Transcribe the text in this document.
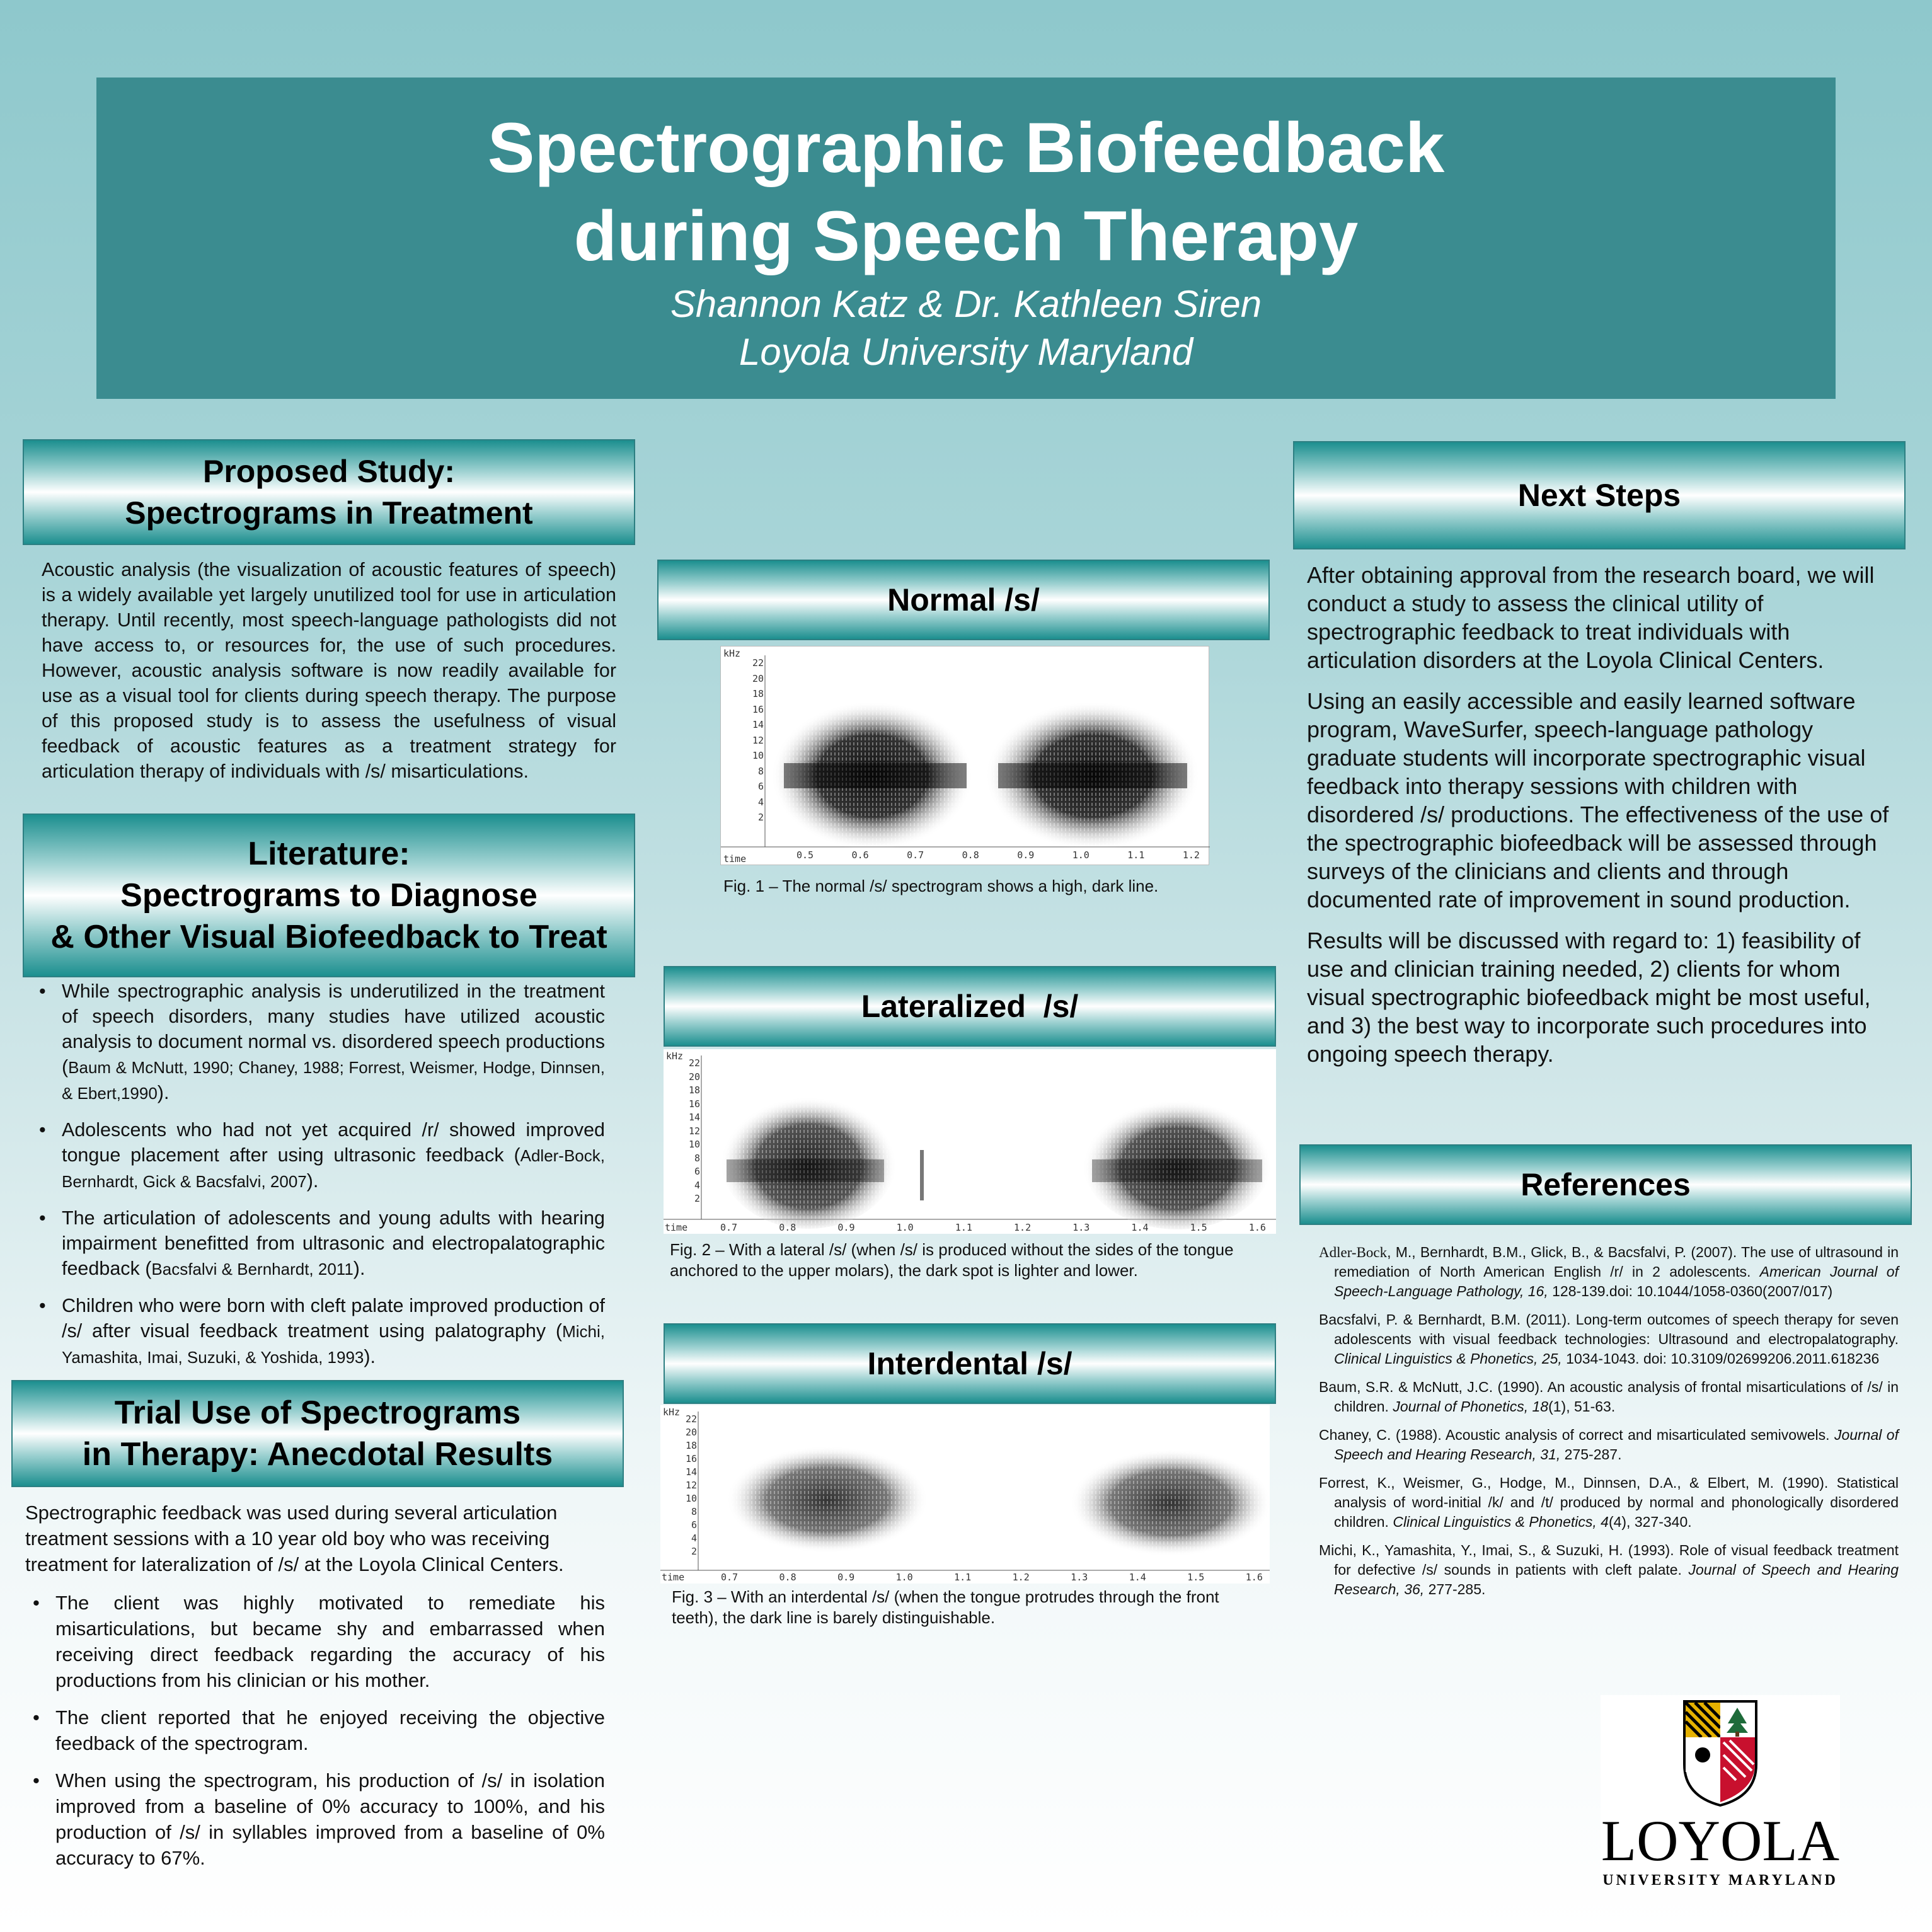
Spectrographic Biofeedback
during Speech Therapy
Shannon Katz & Dr. Kathleen Siren
Loyola University Maryland
Proposed Study:
Spectrograms in Treatment
Acoustic analysis (the visualization of acoustic features of speech) is a widely available yet largely unutilized tool for use in articulation therapy. Until recently, most speech-language pathologists did not have access to, or resources for, the use of such procedures. However, acoustic analysis software is now readily available for use as a visual tool for clients during speech therapy. The purpose of this proposed study is to assess the usefulness of visual feedback of acoustic features as a treatment strategy for articulation therapy of individuals with /s/ misarticulations.
Literature:
Spectrograms to Diagnose
& Other Visual Biofeedback to Treat
• While spectrographic analysis is underutilized in the treatment of speech disorders, many studies have utilized acoustic analysis to document normal vs. disordered speech productions (Baum & McNutt, 1990; Chaney, 1988; Forrest, Weismer, Hodge, Dinnsen, & Ebert,1990).
• Adolescents who had not yet acquired /r/ showed improved tongue placement after using ultrasonic feedback (Adler-Bock, Bernhardt, Gick & Bacsfalvi, 2007).
• The articulation of adolescents and young adults with hearing impairment benefitted from ultrasonic and electropalatographic feedback (Bacsfalvi & Bernhardt, 2011).
• Children who were born with cleft palate improved production of /s/ after visual feedback treatment using palatography (Michi, Yamashita, Imai, Suzuki, & Yoshida, 1993).
Trial Use of Spectrograms
in Therapy: Anecdotal Results

Spectrographic feedback was used during several articulation treatment sessions with a 10 year old boy who was receiving treatment for lateralization of /s/ at the Loyola Clinical Centers.

• The client was highly motivated to remediate his misarticulations, but became shy and embarrassed when receiving direct feedback regarding the accuracy of his productions from his clinician or his mother.
• The client reported that he enjoyed receiving the objective feedback of the spectrogram.
• When using the spectrogram, his production of /s/ in isolation improved from a baseline of 0% accuracy to 100%, and his production of /s/ in syllables improved from a baseline of 0% accuracy to 67%.
Normal /s/
kHz
time
22
20
18
16
14
12
10
8
6
4
2
0.5	0.6	0.7	0.8	0.9	1.0	1.1	1.2
Fig. 1 – The normal /s/ spectrogram shows a high, dark line.
Lateralized  /s/
kHz
time
22
20
18
16
14
12
10
8
6
4
2
0.7	0.8	0.9	1.0	1.1	1.2	1.3	1.4	1.5	1.6
Fig. 2 – With a lateral /s/ (when /s/ is produced without the sides of the tongue anchored to the upper molars), the dark spot is lighter and lower.
Interdental /s/
kHz
time
22
20
18
16
14
12
10
8
6
4
2
0.7	0.8	0.9	1.0	1.1	1.2	1.3	1.4	1.5	1.6
Fig. 3 – With an interdental /s/ (when the tongue protrudes through the front teeth), the dark line is barely distinguishable.
Next Steps

After obtaining approval from the research board, we will conduct a study to assess the clinical utility of spectrographic feedback to treat individuals with articulation disorders at the Loyola Clinical Centers.

Using an easily accessible and easily learned software program, WaveSurfer, speech-language pathology graduate students will incorporate spectrographic visual feedback into therapy sessions with children with disordered /s/ productions. The effectiveness of the use of the spectrographic biofeedback will be assessed through surveys of the clinicians and clients and through documented rate of improvement in sound production.

Results will be discussed with regard to: 1) feasibility of use and clinician training needed, 2) clients for whom visual spectrographic biofeedback might be most useful, and 3) the best way to incorporate such procedures into ongoing speech therapy.

References

Adler-Bock, M., Bernhardt, B.M., Glick, B., & Bacsfalvi, P. (2007). The use of ultrasound in remediation of North American English /r/ in 2 adolescents. American Journal of Speech-Language Pathology, 16, 128-139.doi: 10.1044/1058-0360(2007/017)

Bacsfalvi, P. & Bernhardt, B.M. (2011). Long-term outcomes of speech therapy for seven adolescents with visual feedback technologies: Ultrasound and electropalatography. Clinical Linguistics & Phonetics, 25, 1034-1043. doi: 10.3109/02699206.2011.618236

Baum, S.R. & McNutt, J.C. (1990). An acoustic analysis of frontal misarticulations of /s/ in children. Journal of Phonetics, 18(1), 51-63.

Chaney, C. (1988). Acoustic analysis of correct and misarticulated semivowels. Journal of Speech and Hearing Research, 31, 275-287.

Forrest, K., Weismer, G., Hodge, M., Dinnsen, D.A., & Elbert, M. (1990). Statistical analysis of word-initial /k/ and /t/ produced by normal and phonologically disordered children. Clinical Linguistics & Phonetics, 4(4), 327-340.

Michi, K., Yamashita, Y., Imai, S., & Suzuki, H. (1993). Role of visual feedback treatment for defective /s/ sounds in patients with cleft palate. Journal of Speech and Hearing Research, 36, 277-285.

LOYOLA
UNIVERSITY MARYLAND
